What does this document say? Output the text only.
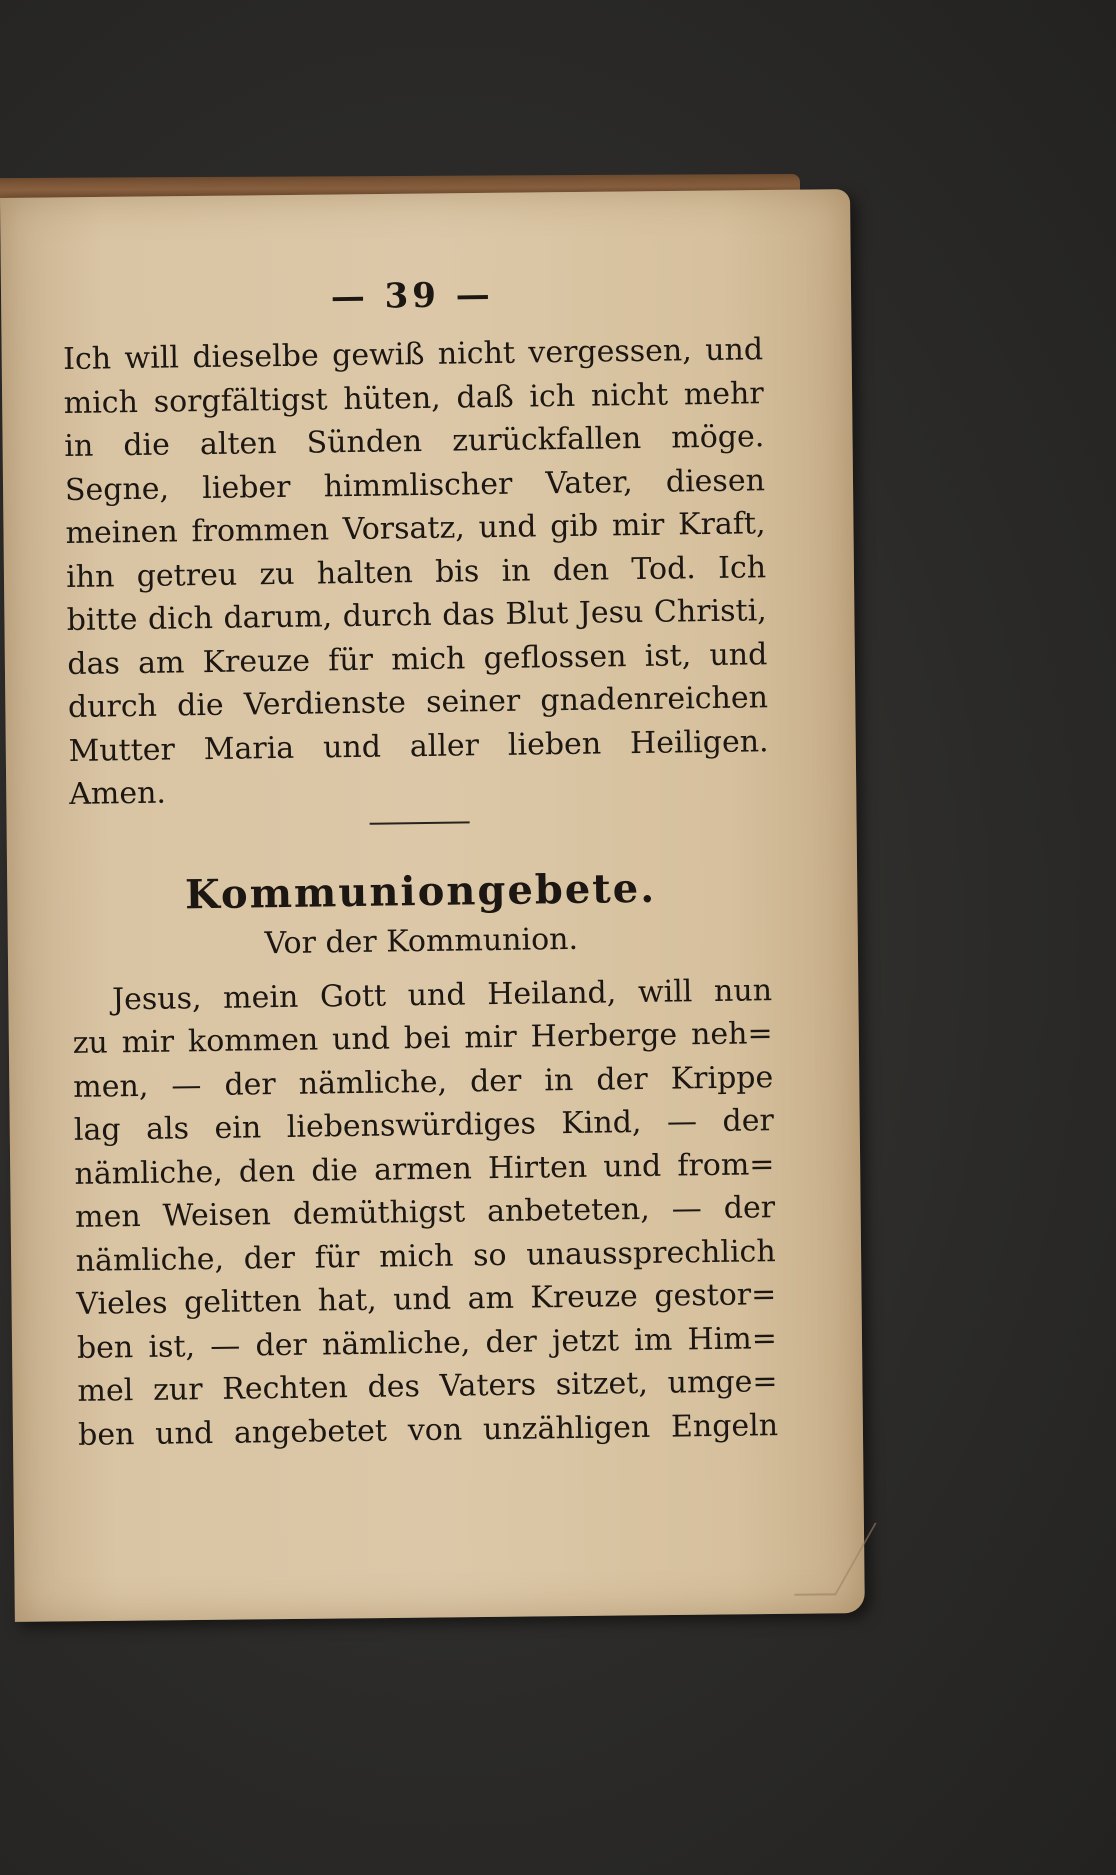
— 39 —
Ich will dieselbe gewiß nicht vergessen, und
mich sorgfältigst hüten, daß ich nicht mehr
in die alten Sünden zurückfallen möge.
Segne, lieber himmlischer Vater, diesen
meinen frommen Vorsatz, und gib mir Kraft,
ihn getreu zu halten bis in den Tod. Ich
bitte dich darum, durch das Blut Jesu Christi,
das am Kreuze für mich geflossen ist, und
durch die Verdienste seiner gnadenreichen
Mutter Maria und aller lieben Heiligen.
Amen.
Kommuniongebete.
Vor der Kommunion.
Jesus, mein Gott und Heiland, will nun
zu mir kommen und bei mir Herberge neh=
men, — der nämliche, der in der Krippe
lag als ein liebenswürdiges Kind, — der
nämliche, den die armen Hirten und from=
men Weisen demüthigst anbeteten, — der
nämliche, der für mich so unaussprechlich
Vieles gelitten hat, und am Kreuze gestor=
ben ist, — der nämliche, der jetzt im Him=
mel zur Rechten des Vaters sitzet, umge=
ben und angebetet von unzähligen Engeln
